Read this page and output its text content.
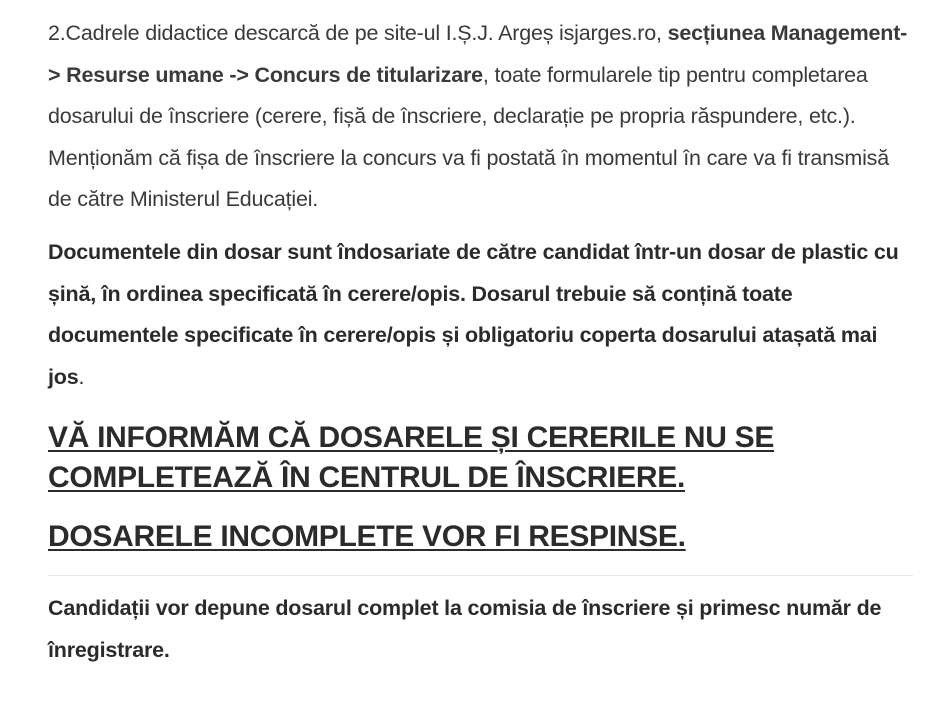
2.Cadrele didactice descarcă de pe site-ul I.Ș.J. Argeș isjarges.ro, secțiunea Management-> Resurse umane -> Concurs de titularizare, toate formularele tip pentru completarea dosarului de înscriere (cerere, fișă de înscriere, declarație pe propria răspundere, etc.). Menționăm că fișa de înscriere la concurs va fi postată în momentul în care va fi transmisă de către Ministerul Educației.

Documentele din dosar sunt îndosariate de către candidat într-un dosar de plastic cu șină, în ordinea specificată în cerere/opis. Dosarul trebuie să conțină toate documentele specificate în cerere/opis și obligatoriu coperta dosarului atașată mai jos.

VĂ INFORMĂM CĂ DOSARELE ȘI CERERILE NU SE COMPLETEAZĂ ÎN CENTRUL DE ÎNSCRIERE.
DOSARELE INCOMPLETE VOR FI RESPINSE.

Candidații vor depune dosarul complet la comisia de înscriere și primesc număr de înregistrare.
